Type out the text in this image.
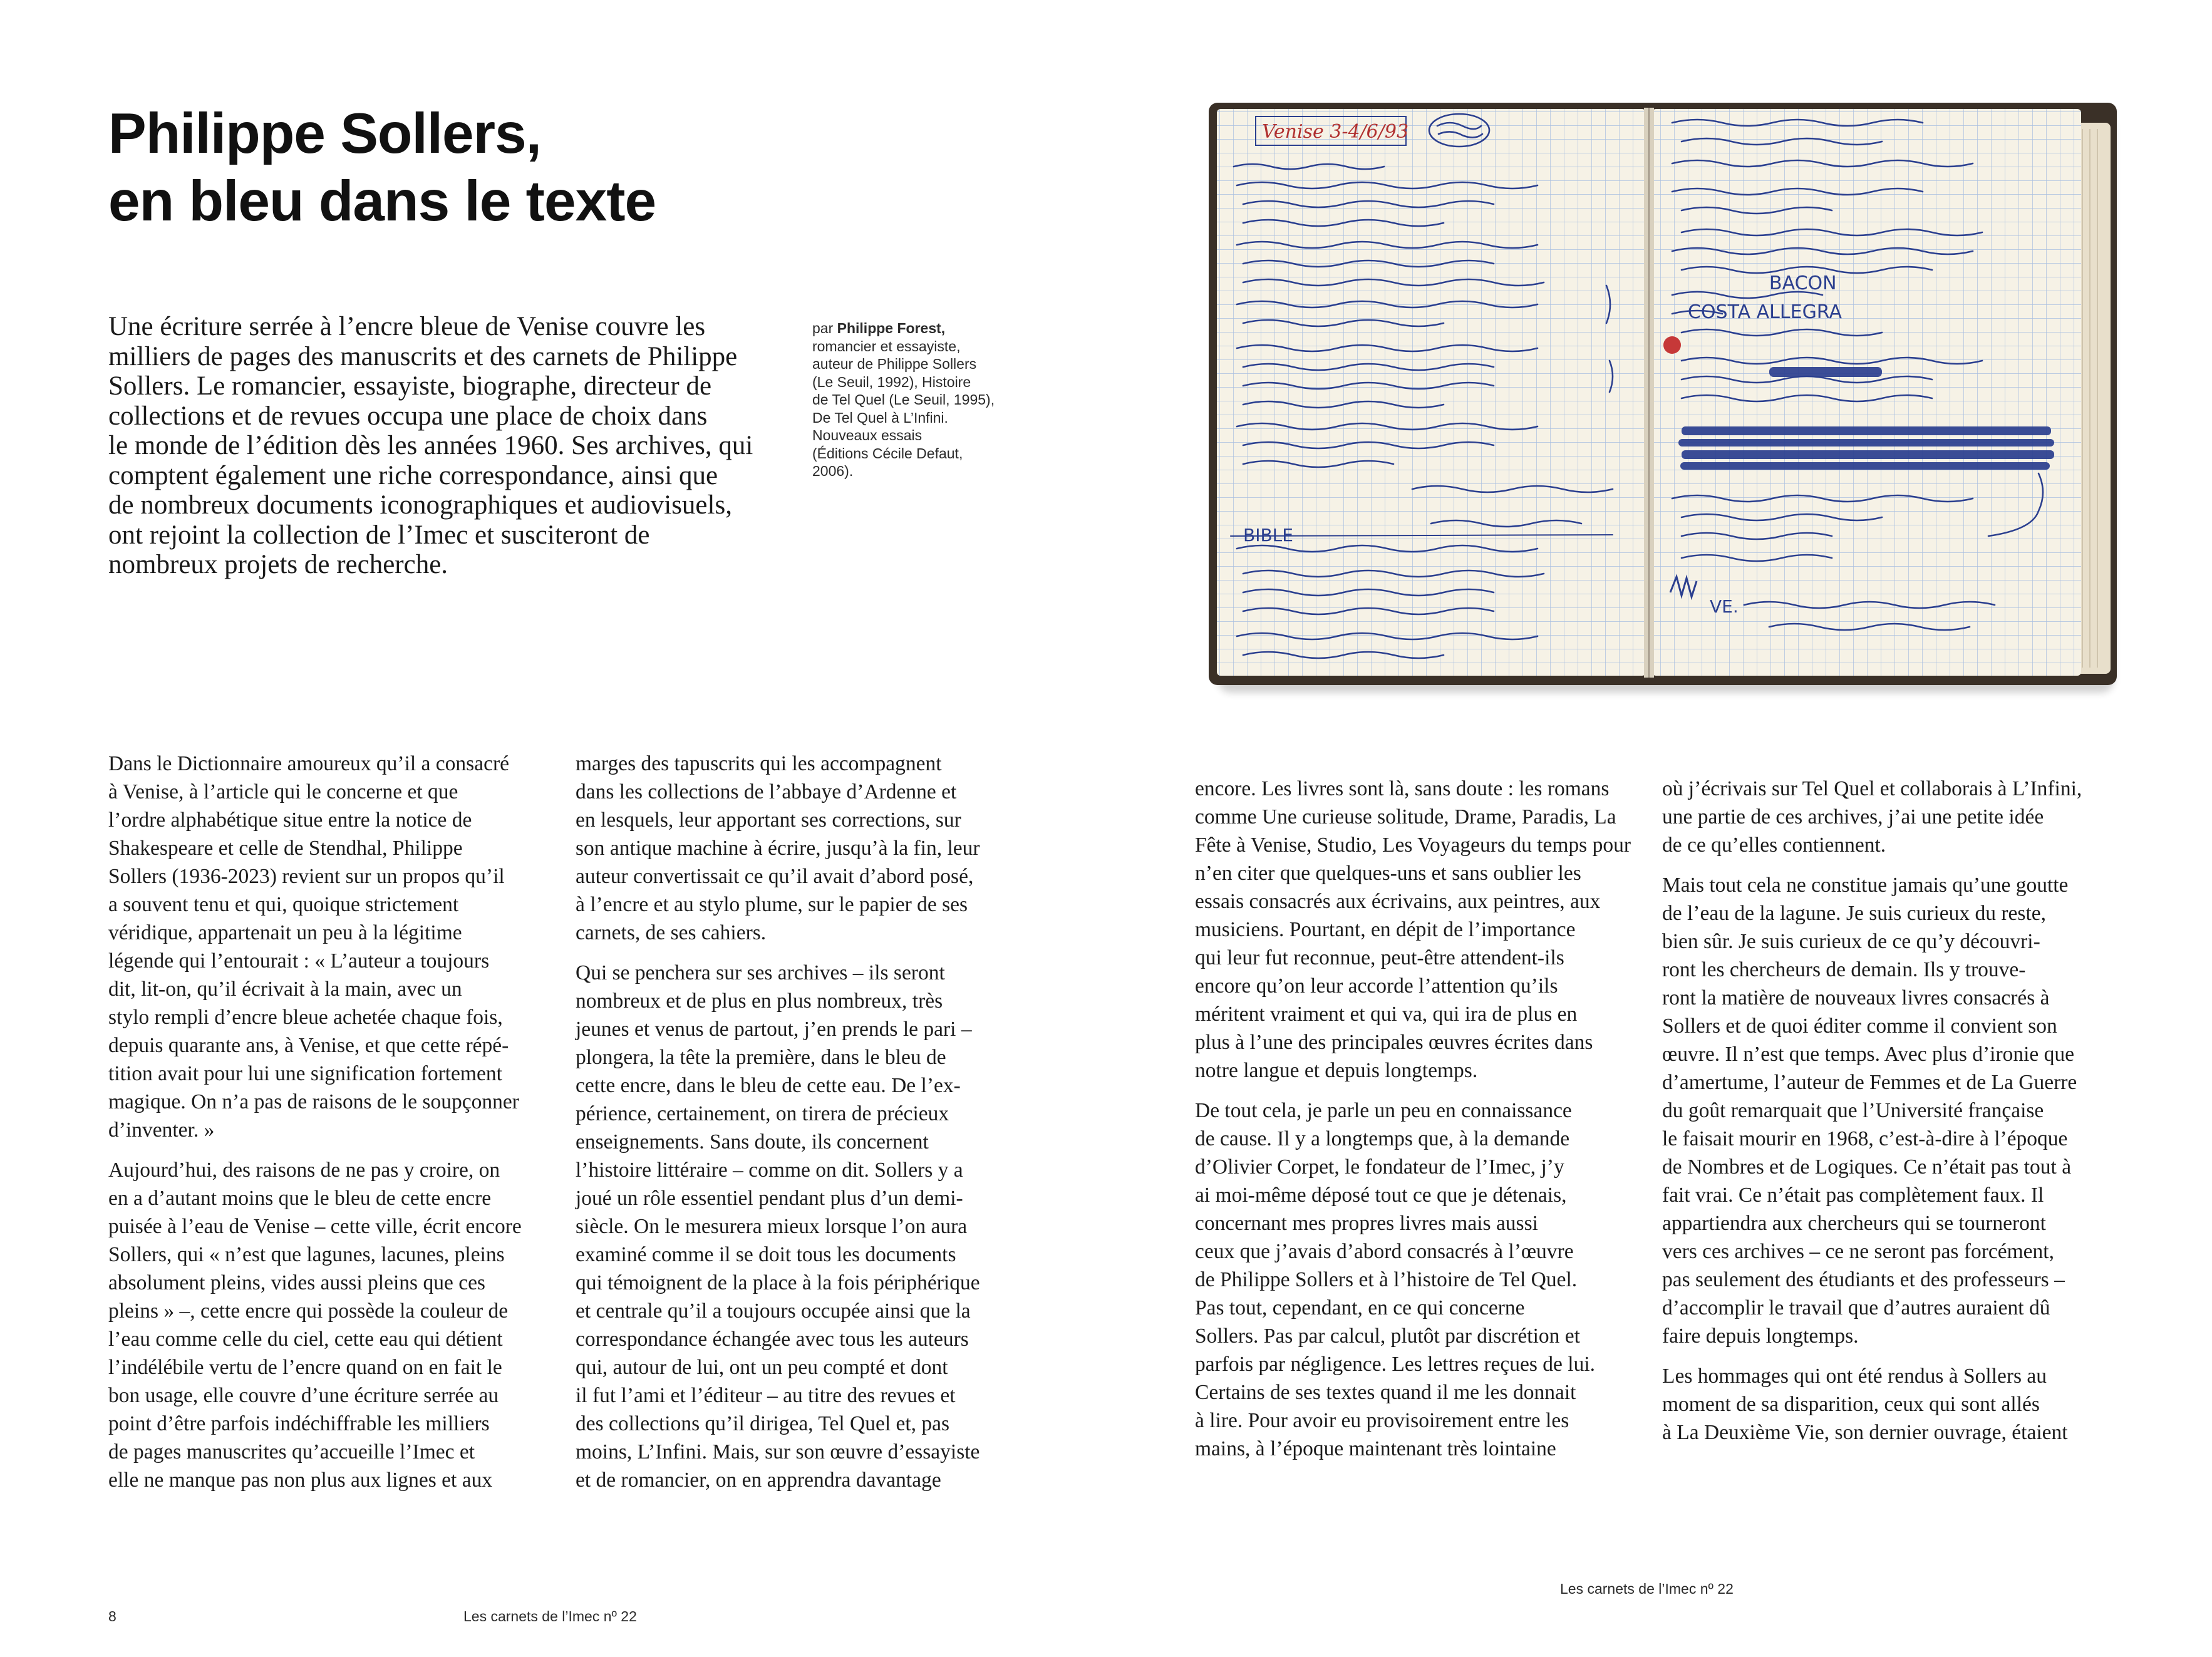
Philippe Sollers,
en bleu dans le texte
Une écriture serrée à l’encre bleue de Venise couvre les
milliers de pages des manuscrits et des carnets de Philippe
Sollers. Le romancier, essayiste, biographe, directeur de
collections et de revues occupa une place de choix dans
le monde de l’édition dès les années 1960. Ses archives, qui
comptent également une riche correspondance, ainsi que
de nombreux documents iconographiques et audiovisuels,
ont rejoint la collection de l’Imec et susciteront de
nombreux projets de recherche.
par Philippe Forest,
romancier et essayiste,
auteur de Philippe Sollers
(Le Seuil, 1992), Histoire
de Tel Quel (Le Seuil, 1995),
De Tel Quel à L’Infini.
Nouveaux essais
(Éditions Cécile Defaut,
2006).

Dans le Dictionnaire amoureux qu’il a consacré
à Venise, à l’article qui le concerne et que
l’ordre alphabétique situe entre la notice de
Shakespeare et celle de Stendhal, Philippe
Sollers (1936-2023) revient sur un propos qu’il
a souvent tenu et qui, quoique strictement
véridique, appartenait un peu à la légitime
légende qui l’entourait : « L’auteur a toujours
dit, lit-on, qu’il écrivait à la main, avec un
stylo rempli d’encre bleue achetée chaque fois,
depuis quarante ans, à Venise, et que cette répé-
tition avait pour lui une signification fortement
magique. On n’a pas de raisons de le soupçonner
d’inventer. »

Aujourd’hui, des raisons de ne pas y croire, on
en a d’autant moins que le bleu de cette encre
puisée à l’eau de Venise – cette ville, écrit encore
Sollers, qui « n’est que lagunes, lacunes, pleins
absolument pleins, vides aussi pleins que ces
pleins » –, cette encre qui possède la couleur de
l’eau comme celle du ciel, cette eau qui détient
l’indélébile vertu de l’encre quand on en fait le
bon usage, elle couvre d’une écriture serrée au
point d’être parfois indéchiffrable les milliers
de pages manuscrites qu’accueille l’Imec et
elle ne manque pas non plus aux lignes et aux

marges des tapuscrits qui les accompagnent
dans les collections de l’abbaye d’Ardenne et
en lesquels, leur apportant ses corrections, sur
son antique machine à écrire, jusqu’à la fin, leur
auteur convertissait ce qu’il avait d’abord posé,
à l’encre et au stylo plume, sur le papier de ses
carnets, de ses cahiers.

Qui se penchera sur ses archives – ils seront
nombreux et de plus en plus nombreux, très
jeunes et venus de partout, j’en prends le pari –
plongera, la tête la première, dans le bleu de
cette encre, dans le bleu de cette eau. De l’ex-
périence, certainement, on tirera de précieux
enseignements. Sans doute, ils concernent
l’histoire littéraire – comme on dit. Sollers y a
joué un rôle essentiel pendant plus d’un demi-
siècle. On le mesurera mieux lorsque l’on aura
examiné comme il se doit tous les documents
qui témoignent de la place à la fois périphérique
et centrale qu’il a toujours occupée ainsi que la
correspondance échangée avec tous les auteurs
qui, autour de lui, ont un peu compté et dont
il fut l’ami et l’éditeur – au titre des revues et
des collections qu’il dirigea, Tel Quel et, pas
moins, L’Infini. Mais, sur son œuvre d’essayiste
et de romancier, on en apprendra davantage

8	Les carnets de l’Imec nº 22
Venise 3-4/6/93
BIBLE
BACON
COSTA ALLEGRA
VE.

encore. Les livres sont là, sans doute : les romans
comme Une curieuse solitude, Drame, Paradis, La
Fête à Venise, Studio, Les Voyageurs du temps pour
n’en citer que quelques-uns et sans oublier les
essais consacrés aux écrivains, aux peintres, aux
musiciens. Pourtant, en dépit de l’importance
qui leur fut reconnue, peut-être attendent-ils
encore qu’on leur accorde l’attention qu’ils
méritent vraiment et qui va, qui ira de plus en
plus à l’une des principales œuvres écrites dans
notre langue et depuis longtemps.

De tout cela, je parle un peu en connaissance
de cause. Il y a longtemps que, à la demande
d’Olivier Corpet, le fondateur de l’Imec, j’y
ai moi-même déposé tout ce que je détenais,
concernant mes propres livres mais aussi
ceux que j’avais d’abord consacrés à l’œuvre
de Philippe Sollers et à l’histoire de Tel Quel.
Pas tout, cependant, en ce qui concerne
Sollers. Pas par calcul, plutôt par discrétion et
parfois par négligence. Les lettres reçues de lui.
Certains de ses textes quand il me les donnait
à lire. Pour avoir eu provisoirement entre les
mains, à l’époque maintenant très lointaine

où j’écrivais sur Tel Quel et collaborais à L’Infini,
une partie de ces archives, j’ai une petite idée
de ce qu’elles contiennent.

Mais tout cela ne constitue jamais qu’une goutte
de l’eau de la lagune. Je suis curieux du reste,
bien sûr. Je suis curieux de ce qu’y découvri-
ront les chercheurs de demain. Ils y trouve-
ront la matière de nouveaux livres consacrés à
Sollers et de quoi éditer comme il convient son
œuvre. Il n’est que temps. Avec plus d’ironie que
d’amertume, l’auteur de Femmes et de La Guerre
du goût remarquait que l’Université française
le faisait mourir en 1968, c’est-à-dire à l’époque
de Nombres et de Logiques. Ce n’était pas tout à
fait vrai. Ce n’était pas complètement faux. Il
appartiendra aux chercheurs qui se tourneront
vers ces archives – ce ne seront pas forcément,
pas seulement des étudiants et des professeurs –
d’accomplir le travail que d’autres auraient dû
faire depuis longtemps.

Les hommages qui ont été rendus à Sollers au
moment de sa disparition, ceux qui sont allés
à La Deuxième Vie, son dernier ouvrage, étaient

Les carnets de l’Imec nº 22
